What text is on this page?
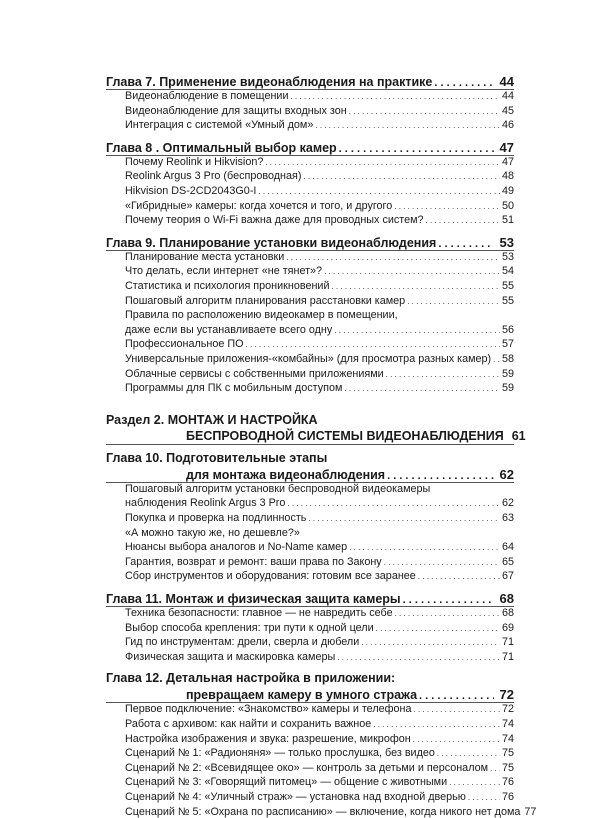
Глава 7. Применение видеонаблюдения на практике . . .	44
Видеонаблюдение в помещении . . .	44
Видеонаблюдение для защиты входных зон . . .	45
Интеграция с системой «Умный дом» . . .	46
Глава 8 . Оптимальный выбор камер . . .	47
Почему Reolink и Hikvision? . . .	47
Reolink Argus 3 Pro (беспроводная) . . .	48
Hikvision DS-2CD2043G0-I . . .	49
«Гибридные» камеры: когда хочется и того, и другого . . .	50
Почему теория о Wi-Fi важна даже для проводных систем? . . .	51
Глава 9. Планирование установки видеонаблюдения . . .	53
Планирование места установки . . .	53
Что делать, если интернет «не тянет»? . . .	54
Статистика и психология проникновений . . .	55
Пошаговый алгоритм планирования расстановки камер . . .	55
Правила по расположению видеокамер в помещении,
даже если вы устанавливаете всего одну . . .	56
Профессиональное ПО . . .	57
Универсальные приложения-«комбайны» (для просмотра разных камер) . . . 58
Облачные сервисы с собственными приложениями . . .	59
Программы для ПК с мобильным доступом . . .	59
Раздел 2. МОНТАЖ И НАСТРОЙКА
БЕСПРОВОДНОЙ СИСТЕМЫ ВИДЕОНАБЛЮДЕНИЯ 61
Глава 10. Подготовительные этапы
для монтажа видеонаблюдения . . .	62
Пошаговый алгоритм установки беспроводной видеокамеры
наблюдения Reolink Argus 3 Pro . . .	62
Покупка и проверка на подлинность . . .	63
«А можно такую же, но дешевле?»
Нюансы выбора аналогов и No-Name камер . . .	64
Гарантия, возврат и ремонт: ваши права по Закону . . .	65
Сбор инструментов и оборудования: готовим все заранее . . .	67
Глава 11. Монтаж и физическая защита камеры . . .	68
Техника безопасности: главное — не навредить себе . . .	68
Выбор способа крепления: три пути к одной цели . . .	69
Гид по инструментам: дрели, сверла и дюбели . . .	71
Физическая защита и маскировка камеры . . .	71
Глава 12. Детальная настройка в приложении:
превращаем камеру в умного стража . . .	72
Первое подключение: «Знакомство» камеры и телефона . . .	72
Работа с архивом: как найти и сохранить важное . . .	74
Настройка изображения и звука: разрешение, микрофон . . .	74
Сценарий № 1: «Радионяня» — только прослушка, без видео . . .	75
Сценарий № 2: «Всевидящее око» — контроль за детьми и персоналом . . . 75
Сценарий № 3: «Говорящий питомец» — общение с животными . . .	76
Сценарий № 4: «Уличный страж» — установка над входной дверью . . .	76
Сценарий № 5: «Охрана по расписанию» — включение, когда никого нет дома 77
